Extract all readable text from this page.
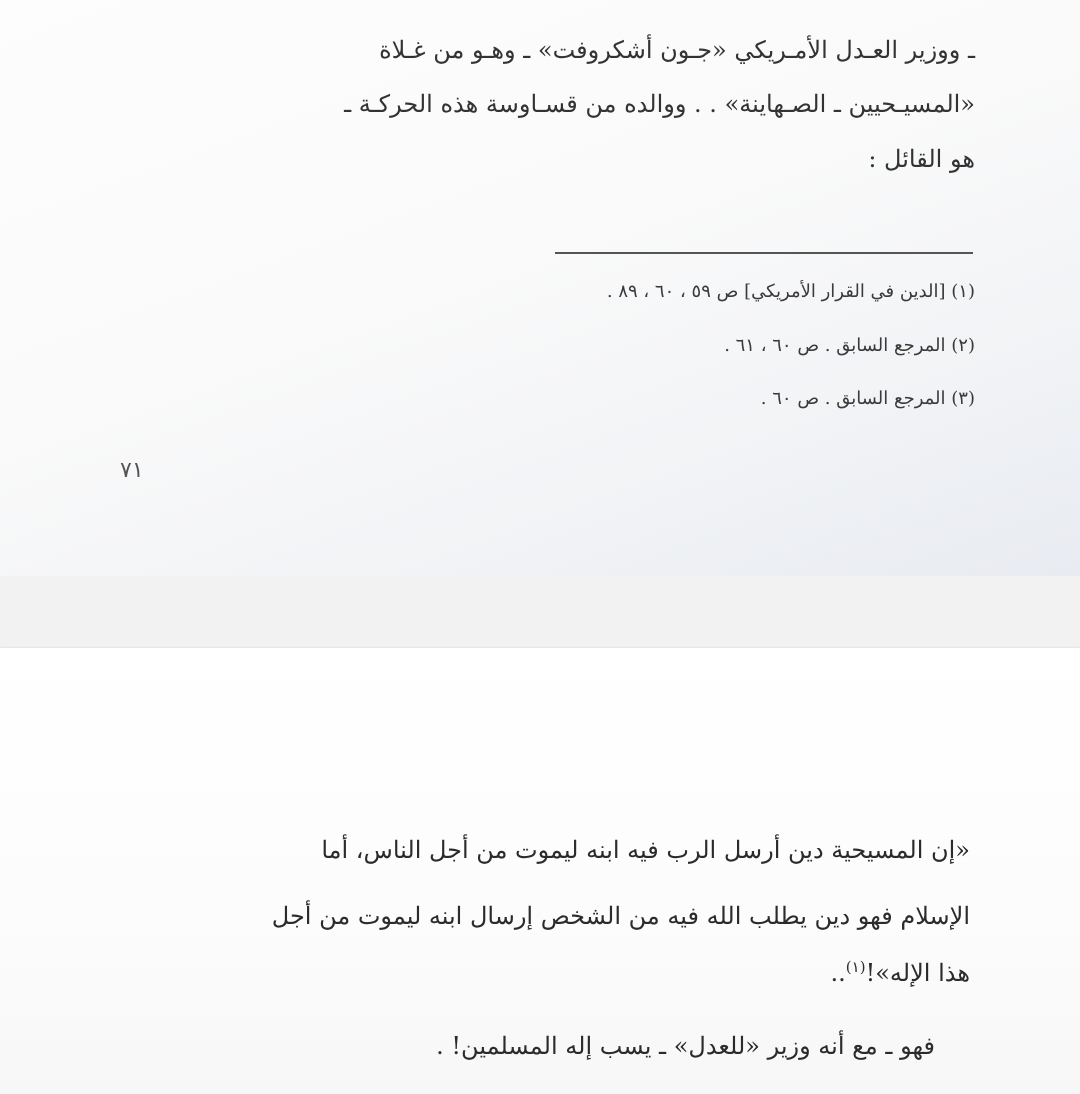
ـ ووزير العـدل الأمـريكي «جـون أشكروفت» ـ وهـو من غـلاة
«المسيـحيين ـ الصـهاينة» . . ووالده من قسـاوسة هذه الحركـة ـ
هو القائل :
(١) [الدين في القرار الأمريكي] ص ٥٩ ، ٦٠ ، ٨٩ .
(٢) المرجع السابق . ص ٦٠ ، ٦١ .
(٣) المرجع السابق . ص ٦٠ .
٧١
«إن المسيحية دين أرسل الرب فيه ابنه ليموت من أجل الناس، أما
الإسلام فهو دين يطلب الله فيه من الشخص إرسال ابنه ليموت من أجل
هذا الإله»!$^{(١)}$..
فهو ـ مع أنه وزير «للعدل» ـ يسب إله المسلمين! .
